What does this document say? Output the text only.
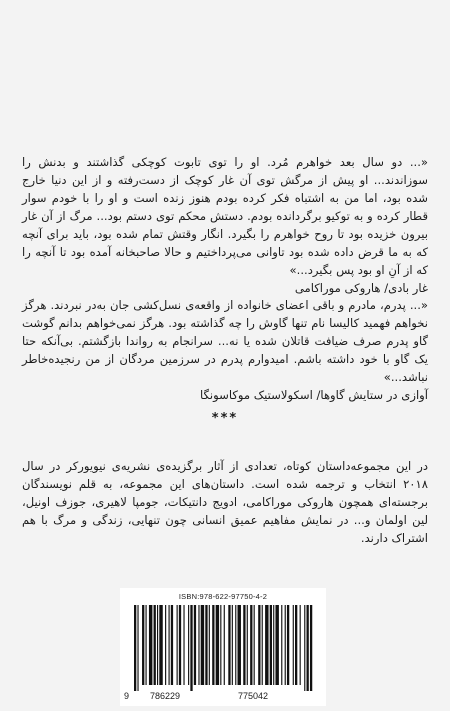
«... دو سال بعد خواهرم مُرد. او را توی تابوت کوچکی گذاشتند و بدنش را سوزاندند... او پیش از مرگش توی آن غار کوچک از دست‌رفته و از این دنیا خارج شده بود، اما من به اشتباه فکر کرده بودم هنوز زنده است و او را با خودم سوار قطار کرده و به توکیو برگردانده بودم. دستش محکم توی دستم بود... مرگ از آن غار بیرون خزیده بود تا روح خواهرم را بگیرد. انگار وقتش تمام شده بود، باید برای آنچه که به ما قرض داده شده بود تاوانی می‌پرداختیم و حالا صاحبخانه آمده بود تا آنچه را که از آنِ او بود پس بگیرد...»

غار بادی/ هاروکی موراکامی

«... پدرم، مادرم و باقی اعضای خانواده از واقعه‌ی نسل‌کشی جان به‌در نبردند. هرگز نخواهم فهمید کالیسا نام تنها گاوش را چه گذاشته بود. هرگز نمی‌خواهم بدانم گوشت گاو پدرم صرف ضیافت قاتلان شده یا نه... سرانجام به رواندا بازگشتم. بی‌آنکه حتا یک گاو با خود داشته باشم. امیدوارم پدرم در سرزمین مردگان از من رنجیده‌خاطر نباشد...»

آوازی در ستایش گاوها/ اسکولاستیک موکاسونگا

***

در این مجموعه‌داستان کوتاه، تعدادی از آثار برگزیده‌ی نشریه‌ی نیویورکر در سال ۲۰۱۸ انتخاب و ترجمه شده است. داستان‌های این مجموعه، به قلم نویسندگان برجسته‌ای همچون هاروکی موراکامی، ادویج دانتیکات، جومپا لاهیری، جوزف اونیل، لین اولمان و... در نمایش مفاهیم عمیق انسانی چون تنهایی، زندگی و مرگ با هم اشتراک دارند.

ISBN:978-622-97750-4-2
9 786229	775042
